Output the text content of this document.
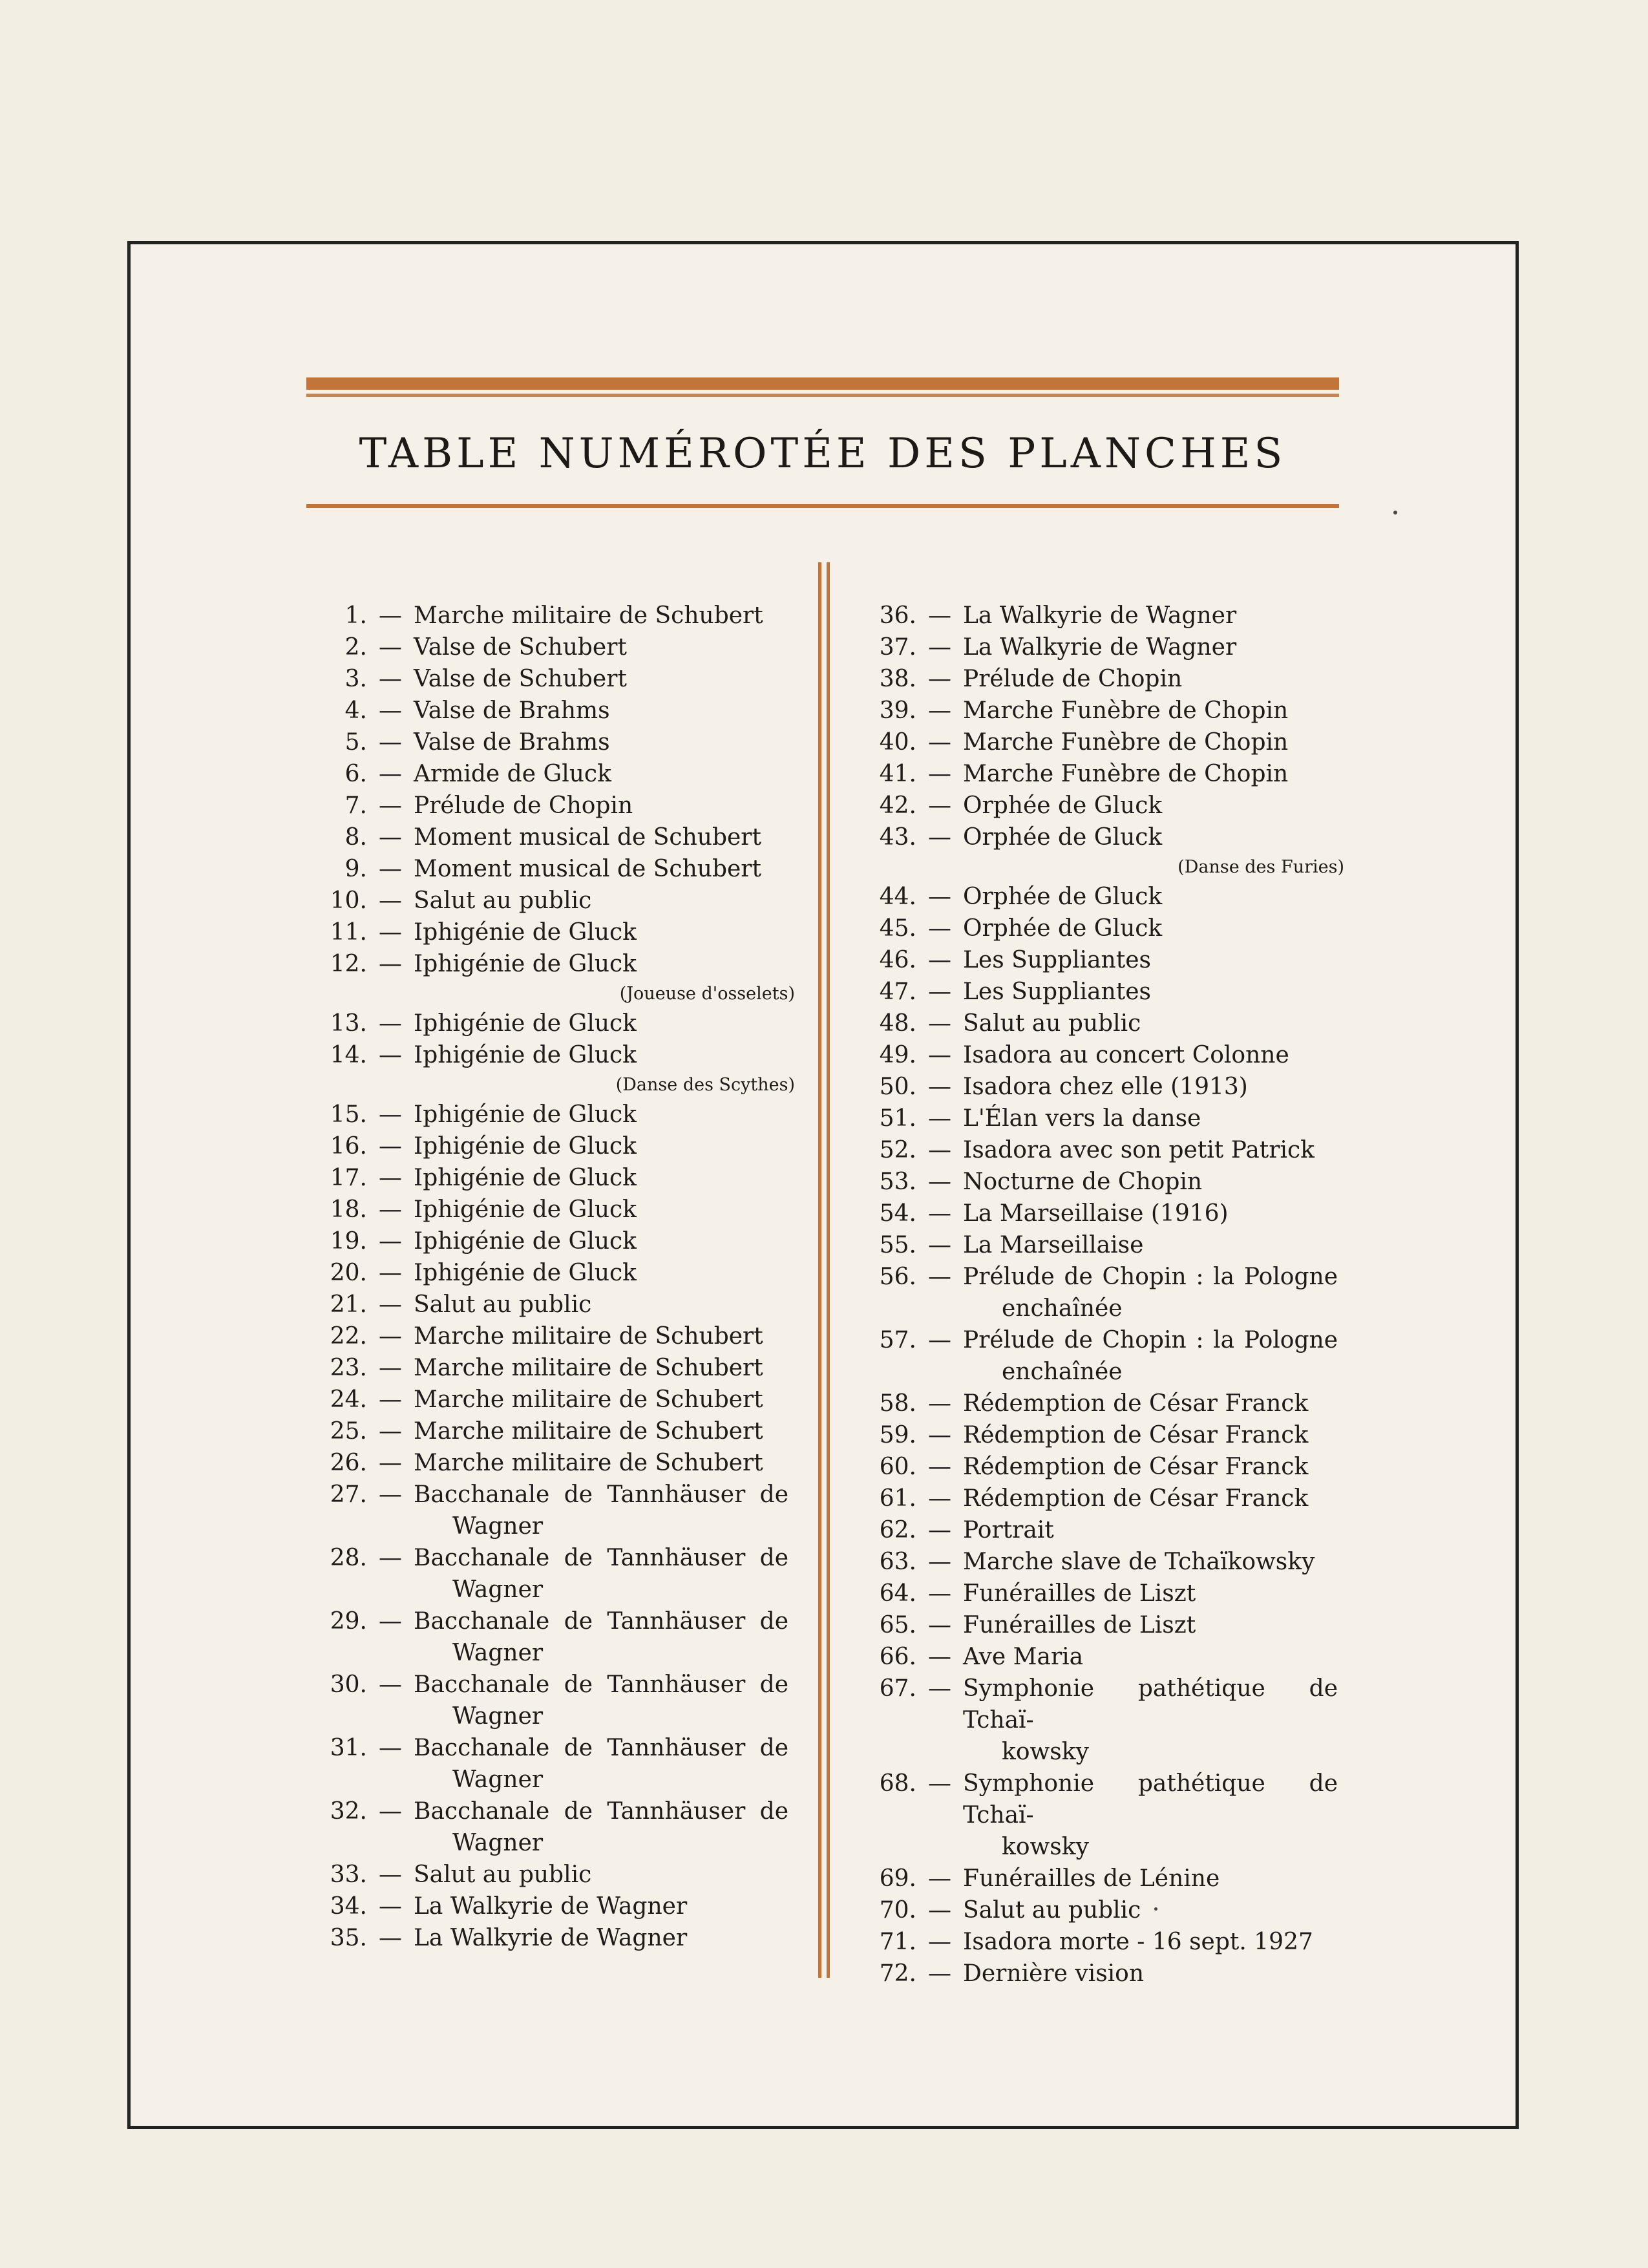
TABLE NUMÉROTÉE DES PLANCHES
1. — Marche militaire de Schubert
2. — Valse de Schubert
3. — Valse de Schubert
4. — Valse de Brahms
5. — Valse de Brahms
6. — Armide de Gluck
7. — Prélude de Chopin
8. — Moment musical de Schubert
9. — Moment musical de Schubert
10. — Salut au public
11. — Iphigénie de Gluck
12. — Iphigénie de Gluck
(Joueuse d'osselets)
13. — Iphigénie de Gluck
14. — Iphigénie de Gluck
(Danse des Scythes)
15. — Iphigénie de Gluck
16. — Iphigénie de Gluck
17. — Iphigénie de Gluck
18. — Iphigénie de Gluck
19. — Iphigénie de Gluck
20. — Iphigénie de Gluck
21. — Salut au public
22. — Marche militaire de Schubert
23. — Marche militaire de Schubert
24. — Marche militaire de Schubert
25. — Marche militaire de Schubert
26. — Marche militaire de Schubert
27. — Bacchanale de Tannhäuser de
Wagner
28. — Bacchanale de Tannhäuser de
Wagner
29. — Bacchanale de Tannhäuser de
Wagner
30. — Bacchanale de Tannhäuser de
Wagner
31. — Bacchanale de Tannhäuser de
Wagner
32. — Bacchanale de Tannhäuser de
Wagner
33. — Salut au public
34. — La Walkyrie de Wagner
35. — La Walkyrie de Wagner
36. — La Walkyrie de Wagner
37. — La Walkyrie de Wagner
38. — Prélude de Chopin
39. — Marche Funèbre de Chopin
40. — Marche Funèbre de Chopin
41. — Marche Funèbre de Chopin
42. — Orphée de Gluck
43. — Orphée de Gluck
(Danse des Furies)
44. — Orphée de Gluck
45. — Orphée de Gluck
46. — Les Suppliantes
47. — Les Suppliantes
48. — Salut au public
49. — Isadora au concert Colonne
50. — Isadora chez elle (1913)
51. — L'Élan vers la danse
52. — Isadora avec son petit Patrick
53. — Nocturne de Chopin
54. — La Marseillaise (1916)
55. — La Marseillaise
56. — Prélude de Chopin : la Pologne
enchaînée
57. — Prélude de Chopin : la Pologne
enchaînée
58. — Rédemption de César Franck
59. — Rédemption de César Franck
60. — Rédemption de César Franck
61. — Rédemption de César Franck
62. — Portrait
63. — Marche slave de Tchaïkowsky
64. — Funérailles de Liszt
65. — Funérailles de Liszt
66. — Ave Maria
67. — Symphonie pathétique de Tchaï-
kowsky
68. — Symphonie pathétique de Tchaï-
kowsky
69. — Funérailles de Lénine
70. — Salut au public
71. — Isadora morte - 16 sept. 1927
72. — Dernière vision
